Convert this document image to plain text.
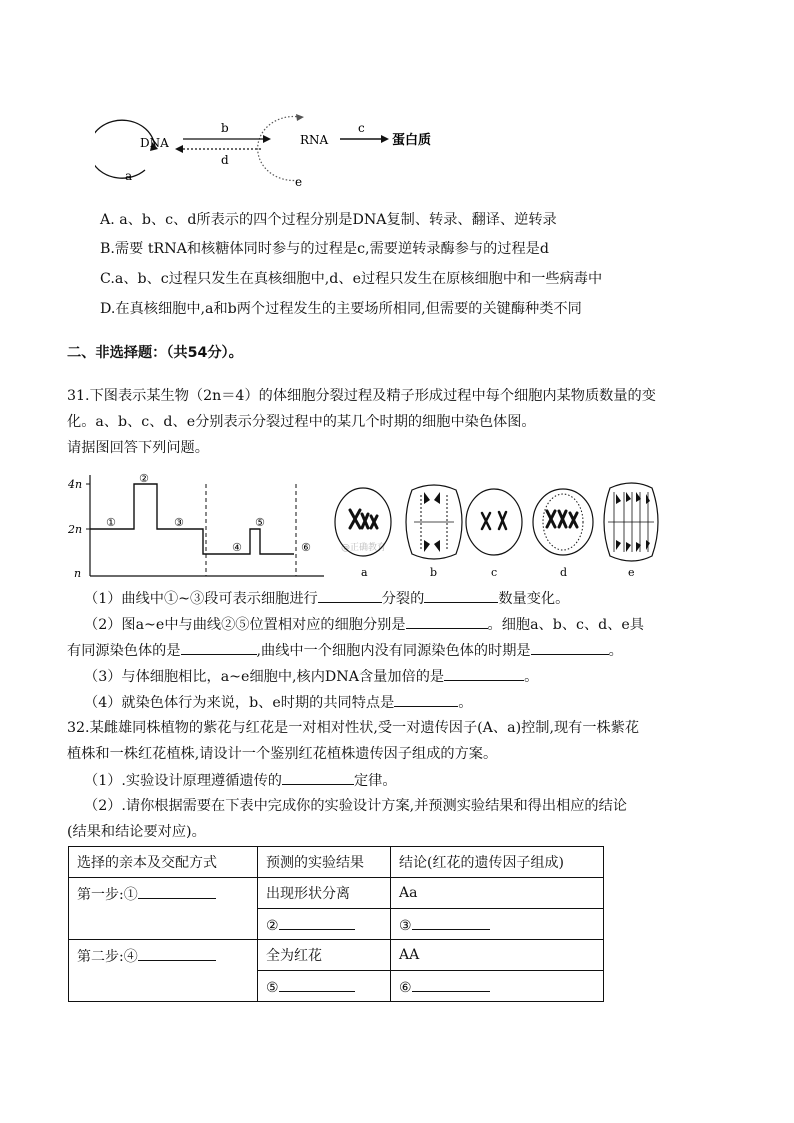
DNA	RNA	蛋白质
a
b	c
d
e
A. a、b、c、d所表示的四个过程分别是DNA复制、转录、翻译、逆转录
B.需要 tRNA和核糖体同时参与的过程是c,需要逆转录酶参与的过程是d
C.a、b、c过程只发生在真核细胞中,d、e过程只发生在原核细胞中和一些病毒中
D.在真核细胞中,a和b两个过程发生的主要场所相同,但需要的关键酶种类不同
二、非选择题：（共54分）。
31.下图表示某生物（2n＝4）的体细胞分裂过程及精子形成过程中每个细胞内某物质数量的变
化。a、b、c、d、e分别表示分裂过程中的某几个时期的细胞中染色体图。
请据图回答下列问题。
4n
2n
n
①
②
③
④
⑤
⑥	@正确教育
a	b	c	d	e
（1）曲线中①~③段可表示细胞进行	分裂的	数量变化。
（2）图a~e中与曲线②⑤位置相对应的细胞分别是	。细胞a、b、c、d、e具
有同源染色体的是	,曲线中一个细胞内没有同源染色体的时期是	。
（3）与体细胞相比，a~e细胞中,核内DNA含量加倍的是	。
（4）就染色体行为来说，b、e时期的共同特点是	。
32.某雌雄同株植物的紫花与红花是一对相对性状,受一对遗传因子(A、a)控制,现有一株紫花
植株和一株红花植株,请设计一个鉴别红花植株遗传因子组成的方案。
（1）.实验设计原理遵循遗传的	定律。
（2）.请你根据需要在下表中完成你的实验设计方案,并预测实验结果和得出相应的结论
(结果和结论要对应)。
选择的亲本及交配方式	预测的实验结果	结论(红花的遗传因子组成)
第一步:①	出现形状分离	Aa
	②	③
第二步:④	全为红花	AA
	⑤	⑥
